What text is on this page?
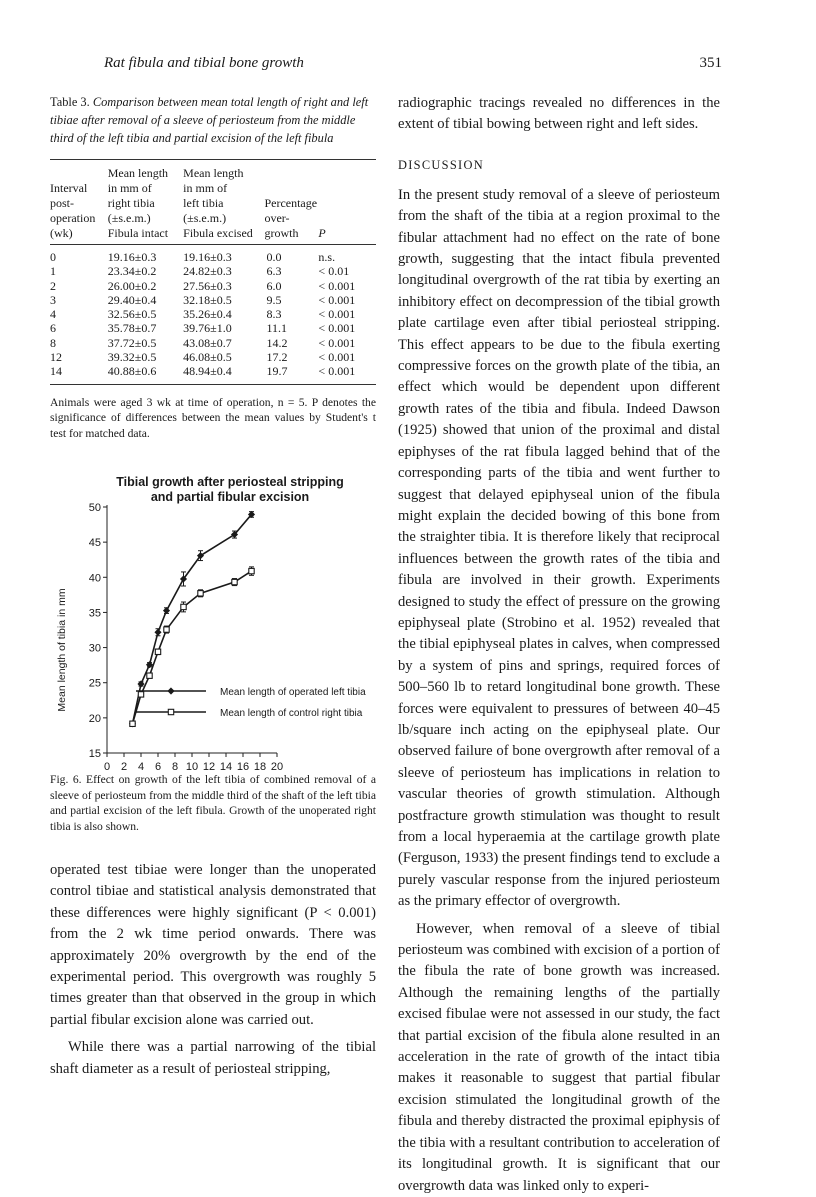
Rat fibula and tibial bone growth	351

Table 3. Comparison between mean total length of right and left tibiae after removal of a sleeve of periosteum from the middle third of the left tibia and partial excision of the left fibula

Interval
post-
operation
(wk)	Mean length
in mm of
right tibia
(±s.e.m.)
Fibula intact	Mean length
in mm of
left tibia
(±s.e.m.)
Fibula excised	Percentage
over-
growth	P

0	19.16±0.3	19.16±0.3	0.0	n.s.
1	23.34±0.2	24.82±0.3	6.3	< 0.01
2	26.00±0.2	27.56±0.3	6.0	< 0.001
3	29.40±0.4	32.18±0.5	9.5	< 0.001
4	32.56±0.5	35.26±0.4	8.3	< 0.001
6	35.78±0.7	39.76±1.0	11.1	< 0.001
8	37.72±0.5	43.08±0.7	14.2	< 0.001
12	39.32±0.5	46.08±0.5	17.2	< 0.001
14	40.88±0.6	48.94±0.4	19.7	< 0.001

Animals were aged 3 wk at time of operation, n = 5. P denotes the significance of differences between the mean values by Student's t test for matched data.

Tibial growth after periosteal stripping
and partial fibular excision
15
20
25
30
35
40
45
50
0 2 4 6 8 10 12 14 16 18 20
Mean length of tibia in mm	Mean length of operated left tibia
Mean length of control right tibia

Fig. 6. Effect on growth of the left tibia of combined removal of a sleeve of periosteum from the middle third of the shaft of the left tibia and partial excision of the left fibula. Growth of the unoperated right tibia is also shown.

operated test tibiae were longer than the unoperated control tibiae and statistical analysis demonstrated that these differences were highly significant (P < 0.001) from the 2 wk time period onwards. There was approximately 20% overgrowth by the end of the experimental period. This overgrowth was roughly 5 times greater than that observed in the group in which partial fibular excision alone was carried out.

While there was a partial narrowing of the tibial shaft diameter as a result of periosteal stripping,

radiographic tracings revealed no differences in the extent of tibial bowing between right and left sides.

DISCUSSION

In the present study removal of a sleeve of periosteum from the shaft of the tibia at a region proximal to the fibular attachment had no effect on the rate of bone growth, suggesting that the intact fibula prevented longitudinal overgrowth of the rat tibia by exerting an inhibitory effect on decompression of the tibial growth plate cartilage even after tibial periosteal stripping. This effect appears to be due to the fibula exerting compressive forces on the growth plate of the tibia, an effect which would be dependent upon different growth rates of the tibia and fibula. Indeed Dawson (1925) showed that union of the proximal and distal epiphyses of the rat fibula lagged behind that of the corresponding parts of the tibia and went further to suggest that delayed epiphyseal union of the fibula might explain the decided bowing of this bone from the straighter tibia. It is therefore likely that reciprocal influences between the growth rates of the tibia and fibula are involved in their growth. Experiments designed to study the effect of pressure on the growing epiphyseal plate (Strobino et al. 1952) revealed that the tibial epiphyseal plates in calves, when compressed by a system of pins and springs, required forces of 500–560 lb to retard longitudinal bone growth. These forces were equivalent to pressures of between 40–45 lb/square inch acting on the epiphyseal plate. Our observed failure of bone overgrowth after removal of a sleeve of periosteum has implications in relation to vascular theories of growth stimulation. Although postfracture growth stimulation was thought to result from a local hyperaemia at the cartilage growth plate (Ferguson, 1933) the present findings tend to exclude a purely vascular response from the injured periosteum as the primary effector of overgrowth.

However, when removal of a sleeve of tibial periosteum was combined with excision of a portion of the fibula the rate of bone growth was increased. Although the remaining lengths of the partially excised fibulae were not assessed in our study, the fact that partial excision of the fibula alone resulted in an acceleration in the rate of growth of the intact tibia makes it reasonable to suggest that partial fibular excision stimulated the longitudinal growth of the fibula and thereby distracted the proximal epiphysis of the tibia with a resultant contribution to acceleration of its longitudinal growth. It is significant that our overgrowth data was linked only to experi-
